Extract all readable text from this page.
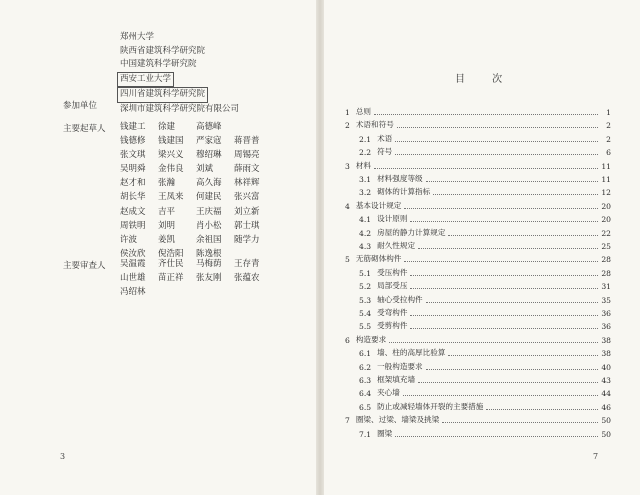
郑州大学
陕西省建筑科学研究院
中国建筑科学研究院
西安工业大学
四川省建筑科学研究院
深圳市建筑科学研究院有限公司
参加单位
主要起草人 钱建工	徐建	高德峰
钱德修	钱建国	严家寇	蒋晋普
张文琪	梁兴义	穆绍琳	周锡亮
吴明舜	金伟良	刘斌	薛雨文
赵才和	张瀚	高久海	林祥辉
胡长华	王凤来	何建民	张兴富
赵成文	吉平	王庆福	刘立新
周铁明	刘明	肖小松	郭士琪
许波	姜凯	余祖国	随学力
侯汝欣	倪浩阳	陈逸根
主要审查人 吴温霞	齐仕民	马梅荫	王存青
山世雄	苗正祥	张友刚	张蕴农
冯绍林
3
目 次
1 总则	1
2 术语和符号	2
2.1 术语	2
2.2 符号	6
3 材料	11
3.1 材料强度等级	11
3.2 砌体的计算指标	12
4 基本设计规定	20
4.1 设计原则	20
4.2 房屋的静力计算规定	22
4.3 耐久性规定	25
5 无筋砌体构件	28
5.1 受压构件	28
5.2 局部受压	31
5.3 轴心受拉构件	35
5.4 受弯构件	36
5.5 受剪构件	36
6 构造要求	38
6.1 墙、柱的高厚比验算	38
6.2 一般构造要求	40
6.3 框架填充墙	43
6.4 夹心墙	44
6.5 防止或减轻墙体开裂的主要措施	46
7 圈梁、过梁、墙梁及挑梁	50
7.1 圈梁	50
7
